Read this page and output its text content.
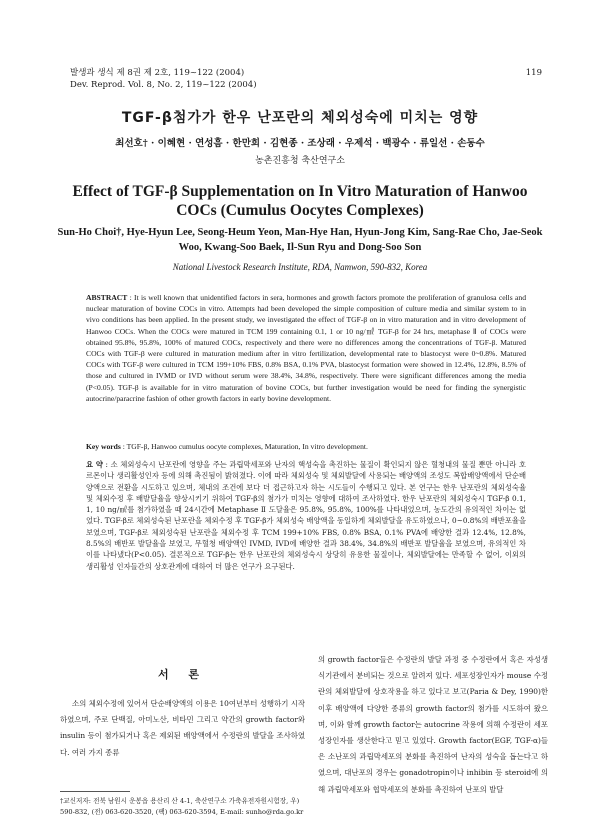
발생과 생식 제 8권 제 2호, 119~122 (2004)
Dev. Reprod. Vol. 8, No. 2, 119~122 (2004)
119
TGF-β첨가가 한우 난포란의 체외성숙에 미치는 영향
최선호† · 이혜현 · 연성흠 · 한만희 · 김현종 · 조상래 · 우제석 · 백광수 · 류일선 · 손동수
농촌진흥청 축산연구소
Effect of TGF-β Supplementation on In Vitro Maturation of Hanwoo COCs (Cumulus Oocytes Complexes)
Sun-Ho Choi†, Hye-Hyun Lee, Seong-Heum Yeon, Man-Hye Han, Hyun-Jong Kim, Sang-Rae Cho, Jae-Seok Woo, Kwang-Soo Baek, Il-Sun Ryu and Dong-Soo Son
National Livestock Research Institute, RDA, Namwon, 590-832, Korea
ABSTRACT : It is well known that unidentified factors in sera, hormones and growth factors promote the proliferation of granulosa cells and nuclear maturation of bovine COCs in vitro. Attempts had been developed the simple composition of culture media and similar system to in vivo conditions has been applied. In the present study, we investigated the effect of TGF-β on in vitro maturation and in vitro development of Hanwoo COCs. When the COCs were matured in TCM 199 containing 0.1, 1 or 10 ng/㎖ TGF-β for 24 hrs, metaphase Ⅱ of COCs were obtained 95.8%, 95.8%, 100% of matured COCs, respectively and there were no differences among the concentrations of TGF-β. Matured COCs with TGF-β were cultured in maturation medium after in vitro fertilization, developmental rate to blastocyst were 0~0.8%. Matured COCs with TGF-β were cultured in TCM 199+10% FBS, 0.8% BSA, 0.1% PVA, blastocyst formation were showed in 12.4%, 12.8%, 8.5% of those and cultured in IVMD or IVD without serum were 38.4%, 34.8%, respectively. There were significant differences among the media (P<0.05). TGF-β is available for in vitro maturation of bovine COCs, but further investigation would be need for finding the synergistic autocrine/paracrine fashion of other growth factors in early bovine development.
Key words : TGF-β, Hanwoo cumulus oocyte complexes, Maturation, In vitro development.
요 약 : 소 체외성숙시 난포란에 영향을 주는 과립막세포와 난자의 핵성숙을 촉진하는 물질이 확인되지 않은 혈청내의 물질 뿐만 아니라 호르몬이나 생리활성인자 등에 의해 촉진됨이 밝혀졌다. 이에 따라 체외성숙 및 체외발달에 사용되는 배양액의 조성도 복합배양액에서 단순배양액으로 전환을 시도하고 있으며, 체내의 조건에 보다 더 접근하고자 하는 시도들이 수행되고 있다. 본 연구는 한우 난포란의 체외성숙율 및 체외수정 후 배발달율을 향상시키기 위하여 TGF-β의 첨가가 미치는 영향에 대하여 조사하였다. 한우 난포란의 체외성숙시 TGF-β 0.1, 1, 10 ng/㎖를 첨가하였을 때 24시간에 Metaphase Ⅱ 도달율은 95.8%, 95.8%, 100%를 나타내었으며, 농도간의 유의적인 차이는 없었다. TGF-β로 체외성숙된 난포란을 체외수정 후 TGF-β가 체외성숙 배양액을 동일하게 체외발달을 유도하였으나, 0~0.8%의 배반포율을 보였으며, TGF-β로 체외성숙된 난포란을 체외수정 후 TCM 199+10% FBS, 0.8% BSA, 0.1% PVA에 배양한 결과 12.4%, 12.8%, 8.5%의 배반포 발달율을 보였고, 무혈청 배양액인 IVMD, IVD에 배양한 결과 38.4%, 34.8%의 배반포 발달율을 보였으며, 유의적인 차이를 나타냈다(P<0.05). 결론적으로 TGF-β는 한우 난포란의 체외성숙시 상당히 유용한 물질이나, 체외발달에는 만족할 수 없어, 이외의 생리활성 인자들간의 상호관계에 대하여 더 많은 연구가 요구된다.
서 론
소의 체외수정에 있어서 단순배양액의 이용은 10여년부터 성행하기 시작하였으며, 주로 단백질, 아미노산, 비타민 그리고 약간의 growth factor와 insulin 등이 첨가되거나 혹은 제외된 배양액에서 수정란의 발달을 조사하였다. 여러 가지 종류
†교신저자: 전북 남원시 운봉읍 용산리 산 4-1, 축산연구소 가축유전자원시험장, 우) 590-832, (전) 063-620-3520, (팩) 063-620-3594, E-mail: sunho@rda.go.kr
의 growth factor들은 수정란의 발달 과정 중 수정란에서 혹은 자성생식기관에서 분비되는 것으로 알려져 있다. 세포성장인자가 mouse 수정란의 체외발달에 상호작용을 하고 있다고 보고(Paria & Dey, 1990)한 이후 배양액에 다양한 종류의 growth factor의 첨가를 시도하여 왔으며, 이와 함께 growth factor는 autocrine 작용에 의해 수정란이 세포 성장인자를 생산한다고 믿고 있었다. Growth factor(EGF, TGF-α)들은 소난포의 과립막세포의 분화를 촉진하여 난자의 성숙을 돕는다고 하였으며, 대난포의 경우는 gonadotropin이나 inhibin 등 steroid에 의해 과립막세포와 협막세포의 분화를 촉진하여 난포의 발달
